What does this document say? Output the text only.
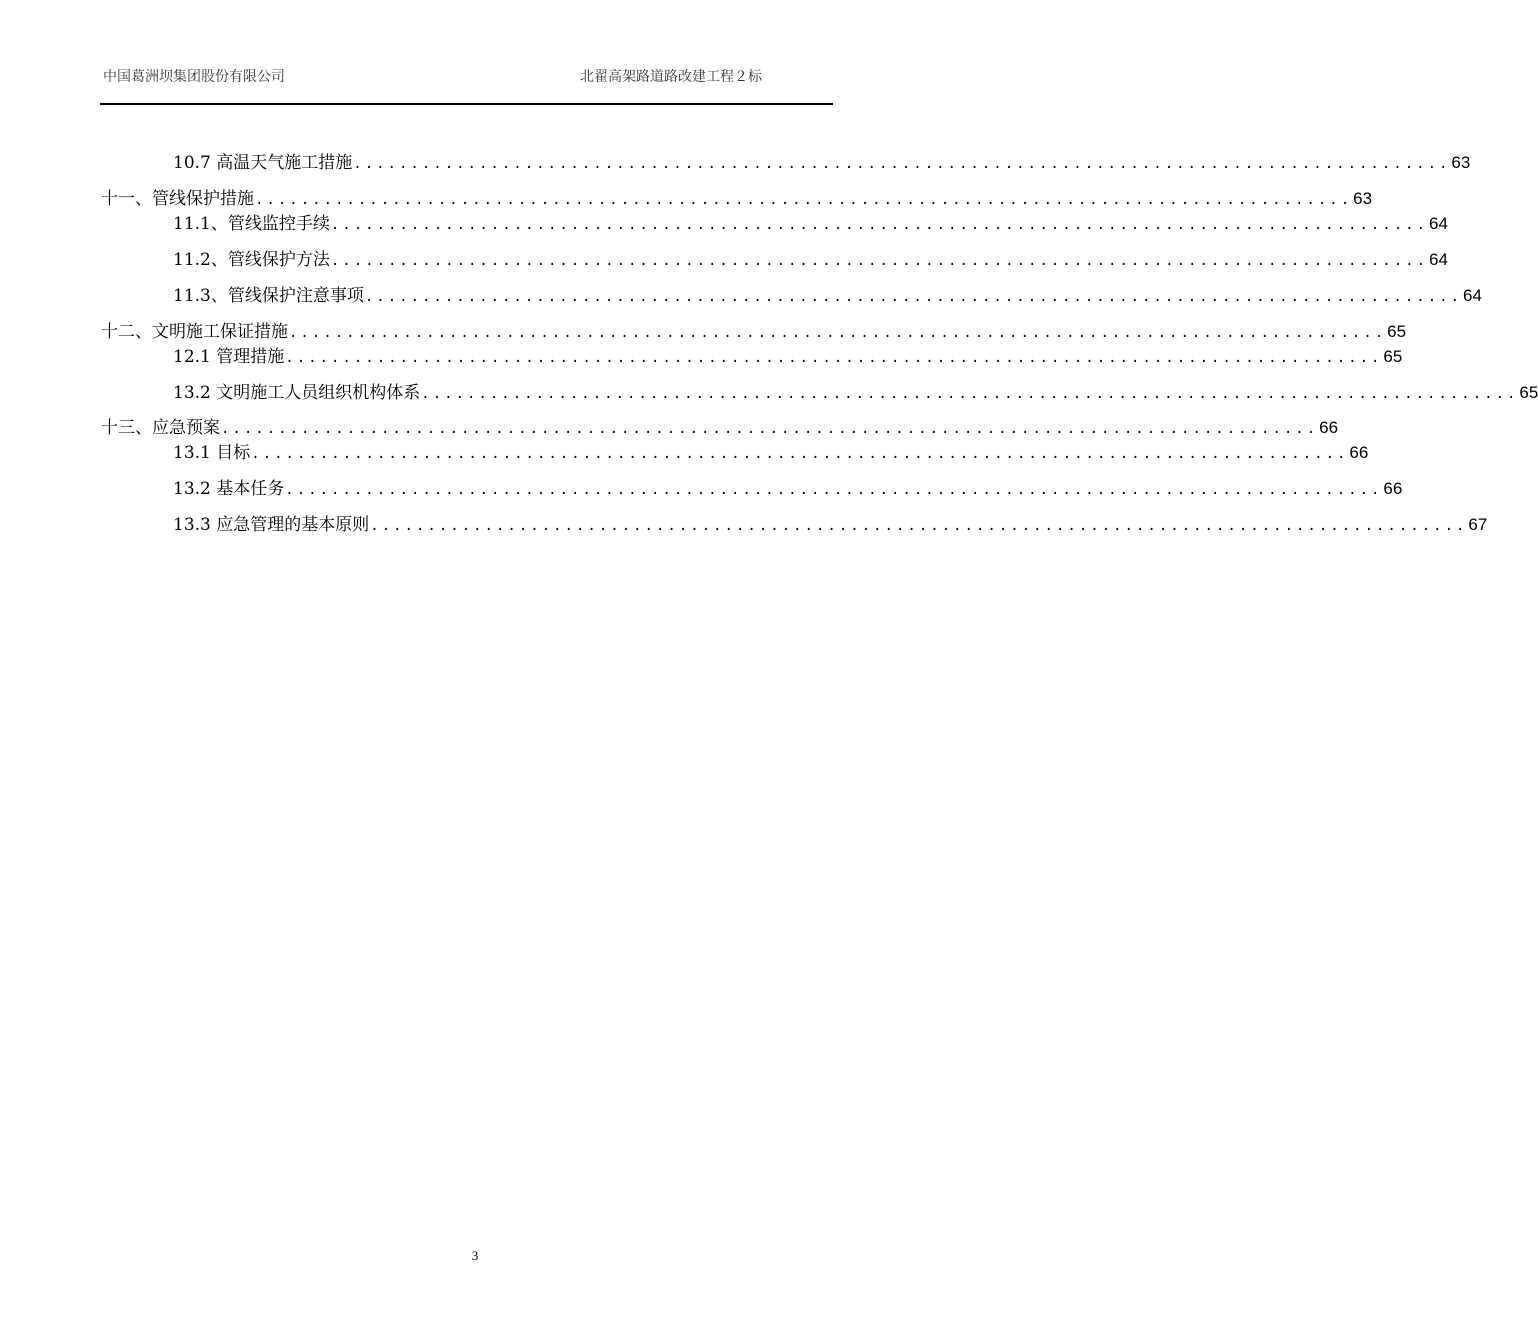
中国葛洲坝集团股份有限公司	北翟高架路道路改建工程２标
10.7 高温天气施工措施 ................................................................................................ 63
十一、管线保护措施 ................................................................................................ 63
11.1、管线监控手续 ................................................................................................ 64
11.2、管线保护方法 ................................................................................................ 64
11.3、管线保护注意事项 ................................................................................................ 64
十二、文明施工保证措施 ................................................................................................ 65
12.1 管理措施 ................................................................................................ 65
13.2 文明施工人员组织机构体系 ................................................................................................ 65
十三、应急预案 ................................................................................................ 66
13.1 目标 ................................................................................................ 66
13.2 基本任务 ................................................................................................ 66
13.3 应急管理的基本原则 ................................................................................................ 67
3
